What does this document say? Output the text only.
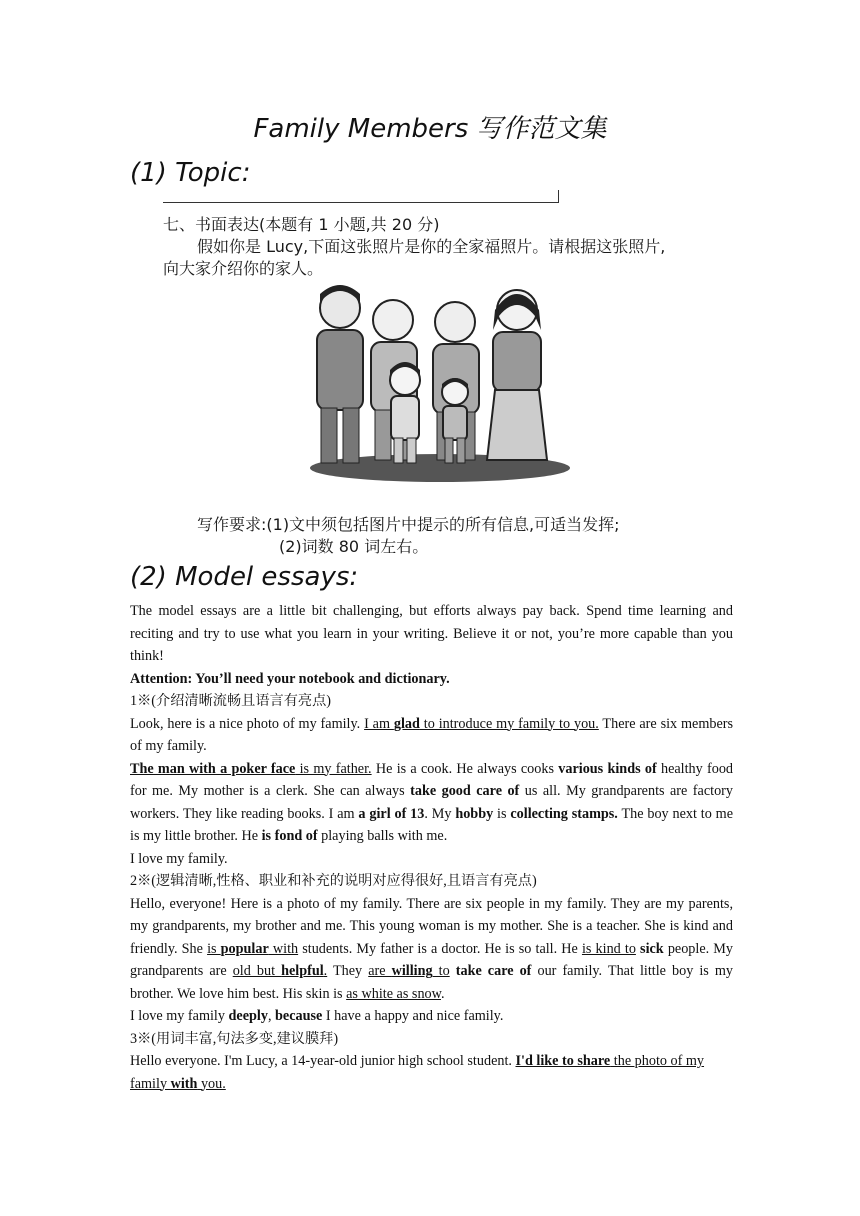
Family Members 写作范文集
(1) Topic:
七、书面表达(本题有 1 小题,共 20 分)
假如你是 Lucy,下面这张照片是你的全家福照片。请根据这张照片,
向大家介绍你的家人。
写作要求:(1)文中须包括图片中提示的所有信息,可适当发挥;
(2)词数 80 词左右。
(2) Model essays:

The model essays are a little bit challenging, but efforts always pay back. Spend time learning and reciting and try to use what you learn in your writing. Believe it or not, you’re more capable than you think!

Attention: You’ll need your notebook and dictionary.

1※(介绍清晰流畅且语言有亮点)

Look, here is a nice photo of my family. I am glad to introduce my family to you. There are six members of my family.

The man with a poker face is my father. He is a cook. He always cooks various kinds of healthy food for me. My mother is a clerk. She can always take good care of us all. My grandparents are factory workers. They like reading books. I am a girl of 13. My hobby is collecting stamps. The boy next to me is my little brother. He is fond of playing balls with me.

I love my family.

2※(逻辑清晰,性格、职业和补充的说明对应得很好,且语言有亮点)

Hello, everyone! Here is a photo of my family. There are six people in my family. They are my parents, my grandparents, my brother and me. This young woman is my mother. She is a teacher. She is kind and friendly. She is popular with students. My father is a doctor. He is so tall. He is kind to sick people. My grandparents are old but helpful. They are willing to take care of our family. That little boy is my brother. We love him best. His skin is as white as snow.

I love my family deeply, because I have a happy and nice family.

3※(用词丰富,句法多变,建议膜拜)

Hello everyone. I'm Lucy, a 14-year-old junior high school student. I'd like to share the photo of my family with you.
